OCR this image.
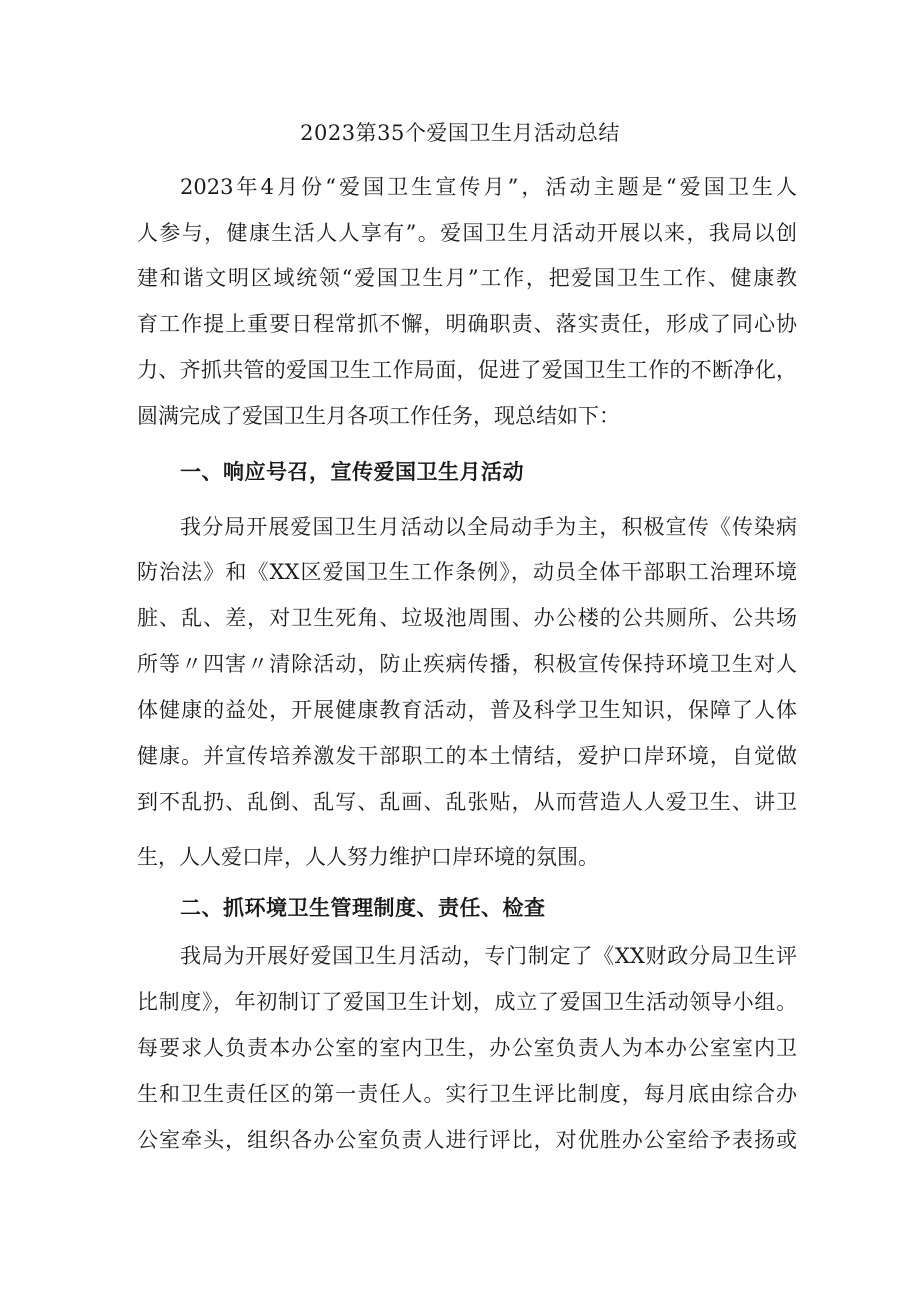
2023第35个爱国卫生月活动总结

2023年4月份“爱国卫生宣传月”，活动主题是“爱国卫生人

人参与，健康生活人人享有”。爱国卫生月活动开展以来，我局以创

建和谐文明区域统领“爱国卫生月”工作，把爱国卫生工作、健康教

育工作提上重要日程常抓不懈，明确职责、落实责任，形成了同心协

力、齐抓共管的爱国卫生工作局面，促进了爱国卫生工作的不断净化，

圆满完成了爱国卫生月各项工作任务，现总结如下：

一、响应号召，宣传爱国卫生月活动

我分局开展爱国卫生月活动以全局动手为主，积极宣传《传染病

防治法》和《XX区爱国卫生工作条例》，动员全体干部职工治理环境

脏、乱、差，对卫生死角、垃圾池周围、办公楼的公共厕所、公共场

所等〃四害〃清除活动，防止疾病传播，积极宣传保持环境卫生对人

体健康的益处，开展健康教育活动，普及科学卫生知识，保障了人体

健康。并宣传培养激发干部职工的本土情结，爱护口岸环境，自觉做

到不乱扔、乱倒、乱写、乱画、乱张贴，从而营造人人爱卫生、讲卫

生，人人爱口岸，人人努力维护口岸环境的氛围。

二、抓环境卫生管理制度、责任、检查

我局为开展好爱国卫生月活动，专门制定了《XX财政分局卫生评

比制度》，年初制订了爱国卫生计划，成立了爱国卫生活动领导小组。

每要求人负责本办公室的室内卫生，办公室负责人为本办公室室内卫

生和卫生责任区的第一责任人。实行卫生评比制度，每月底由综合办

公室牵头，组织各办公室负责人进行评比，对优胜办公室给予表扬或
